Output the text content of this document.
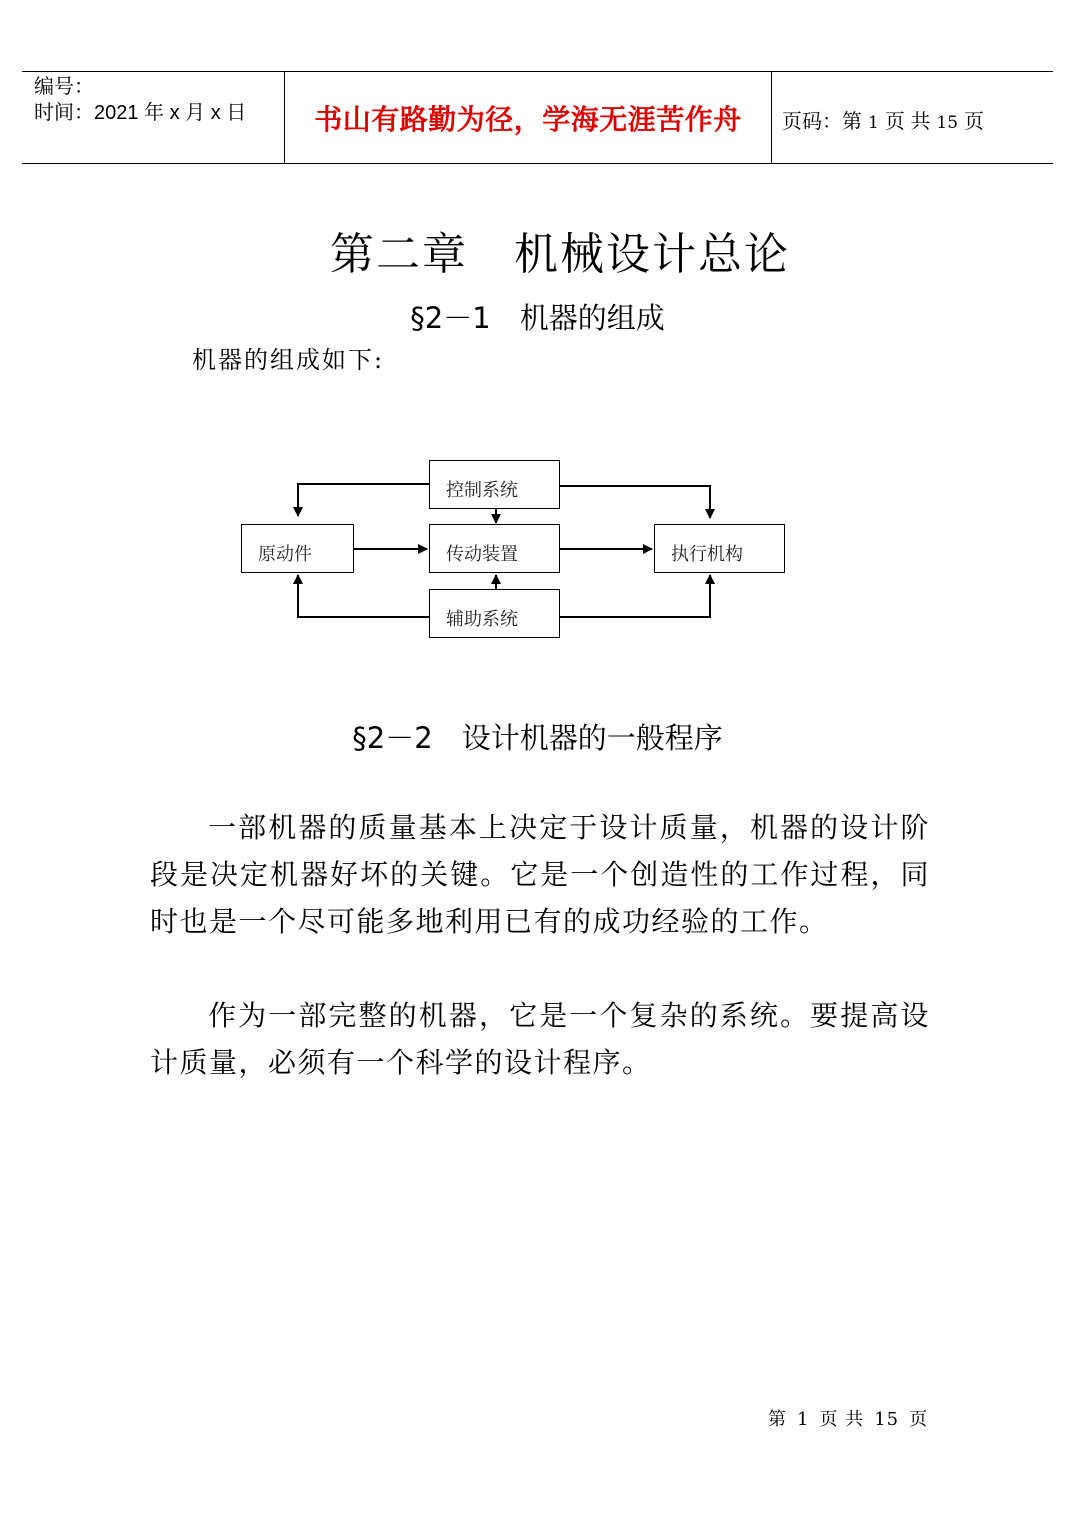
编号：
时间：2021 年 x 月 x 日	书山有路勤为径，学海无涯苦作舟	页码：第 1 页 共 15 页
第二章　机械设计总论
§2－1　机器的组成
机器的组成如下:
控制系统
原动件	传动装置	执行机构
辅助系统
§2－2　设计机器的一般程序
一部机器的质量基本上决定于设计质量，机器的设计阶段是决定机器好坏的关键。它是一个创造性的工作过程，同时也是一个尽可能多地利用已有的成功经验的工作。
作为一部完整的机器，它是一个复杂的系统。要提高设计质量，必须有一个科学的设计程序。
第 1 页 共 15 页
